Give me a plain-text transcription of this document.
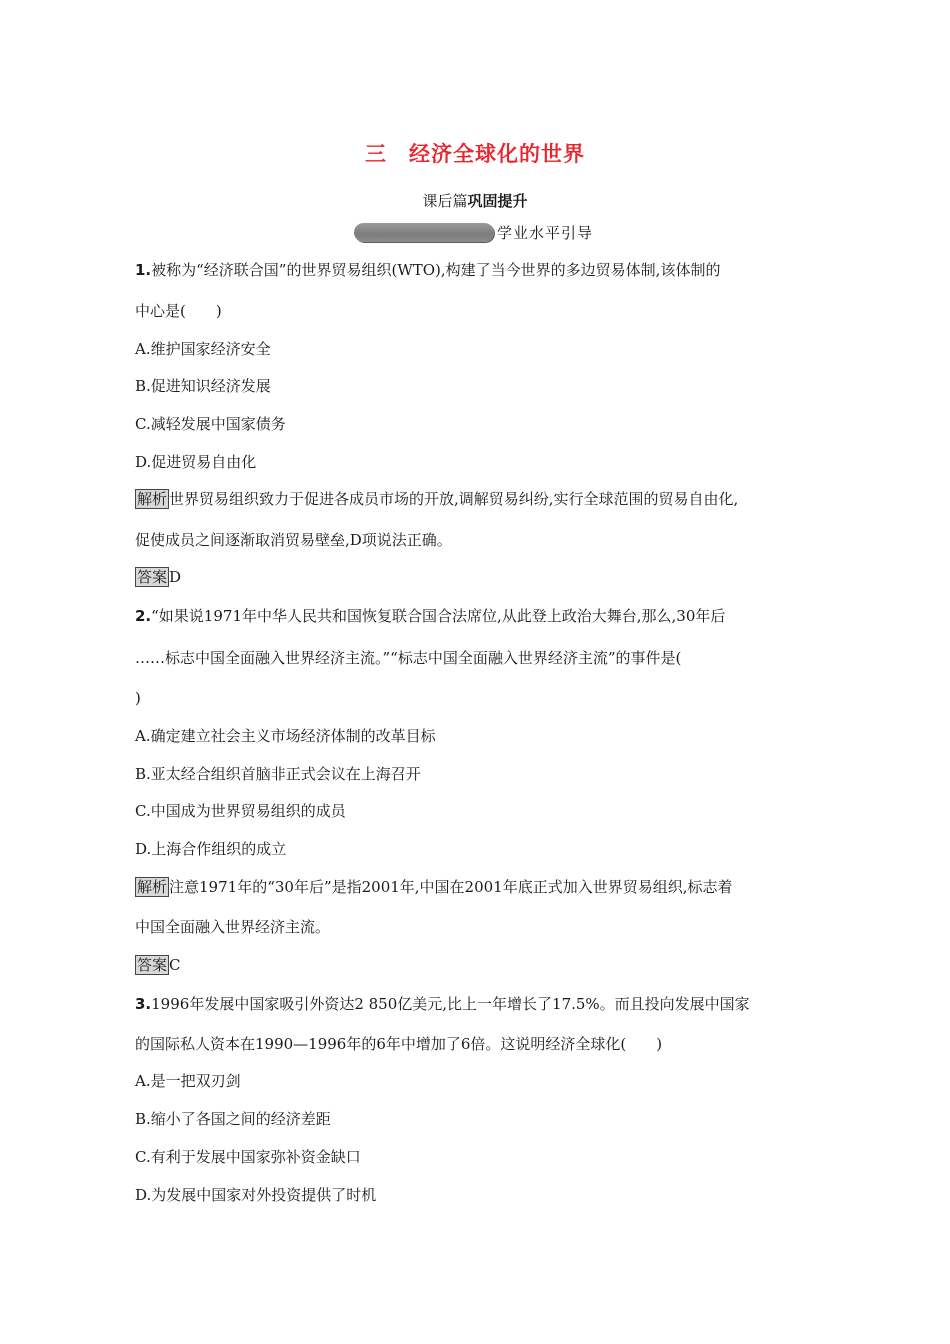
三　经济全球化的世界
课后篇巩固提升
学业水平引导
1.被称为“经济联合国”的世界贸易组织(WTO),构建了当今世界的多边贸易体制,该体制的
中心是(　　)
A.维护国家经济安全
B.促进知识经济发展
C.减轻发展中国家债务
D.促进贸易自由化
解析 世界贸易组织致力于促进各成员市场的开放,调解贸易纠纷,实行全球范围的贸易自由化,
促使成员之间逐渐取消贸易壁垒,D项说法正确。
答案 D
2.“如果说1971年中华人民共和国恢复联合国合法席位,从此登上政治大舞台,那么,30年后
……标志中国全面融入世界经济主流。”“标志中国全面融入世界经济主流”的事件是(
)
A.确定建立社会主义市场经济体制的改革目标
B.亚太经合组织首脑非正式会议在上海召开
C.中国成为世界贸易组织的成员
D.上海合作组织的成立
解析 注意1971年的“30年后”是指2001年,中国在2001年底正式加入世界贸易组织,标志着
中国全面融入世界经济主流。
答案 C
3.1996年发展中国家吸引外资达2 850亿美元,比上一年增长了17.5%。而且投向发展中国家
的国际私人资本在1990—1996年的6年中增加了6倍。这说明经济全球化(　　)
A.是一把双刃剑
B.缩小了各国之间的经济差距
C.有利于发展中国家弥补资金缺口
D.为发展中国家对外投资提供了时机
